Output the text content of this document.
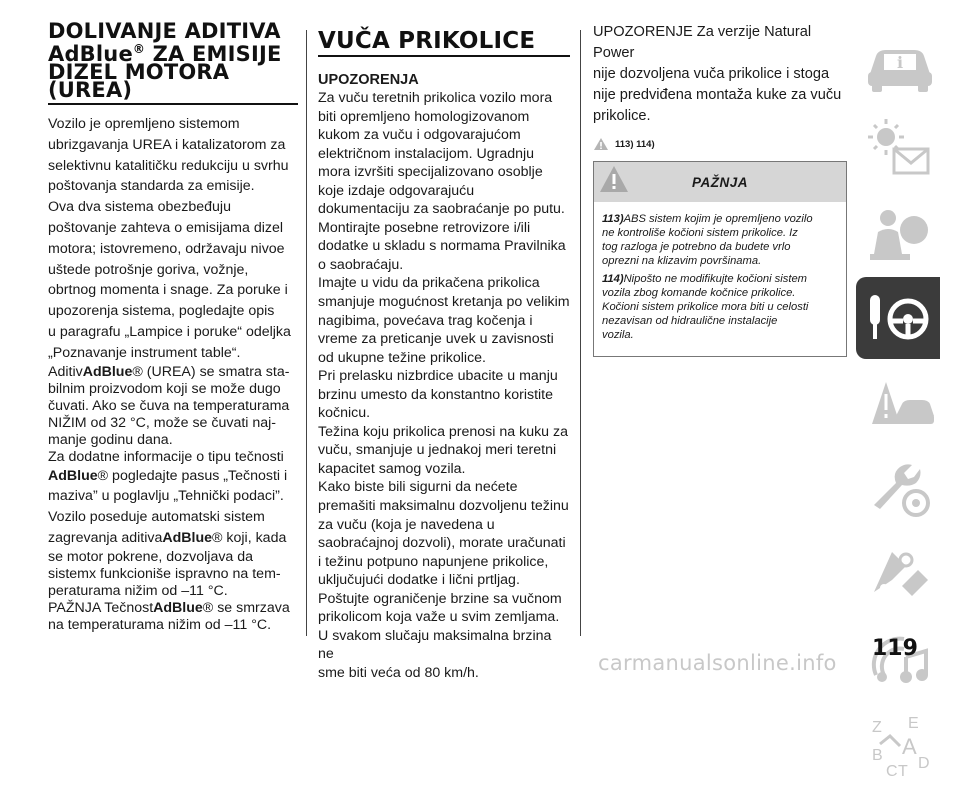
DOLIVANJE ADITIVA
AdBlue® ZA EMISIJE
DIZEL MOTORA
(UREA)

Vozilo je opremljeno sistemom

ubrizgavanja UREA i katalizatorom za

selektivnu katalitičku redukciju u svrhu

poštovanja standarda za emisije.

Ova dva sistema obezbeđuju

poštovanje zahteva o emisijama dizel

motora; istovremeno, održavaju nivoe

uštede potrošnje goriva, vožnje,

obrtnog momenta i snage. Za poruke i

upozorenja sistema, pogledajte opis

u paragrafu „Lampice i poruke“ odeljka

„Poznavanje instrument table“.

AditivAdBlue® (UREA) se smatra sta-

bilnim proizvodom koji se može dugo

čuvati. Ako se čuva na temperaturama

NIŽIM od 32 °C, može se čuvati naj-

manje godinu dana.

Za dodatne informacije o tipu tečnosti

AdBlue® pogledajte pasus „Tečnosti i

maziva” u poglavlju „Tehnički podaci”.

Vozilo poseduje automatski sistem

zagrevanja aditivaAdBlue® koji, kada

se motor pokrene, dozvoljava da

sistemx funkcioniše ispravno na tem-

peraturama nižim od –11 °C.

PAŽNJA TečnostAdBlue® se smrzava

na temperaturama nižim od –11 °C.

VUČA PRIKOLICE
UPOZORENJA

Za vuču teretnih prikolica vozilo mora

biti opremljeno homologizovanom

kukom za vuču i odgovarajućom

električnom instalacijom. Ugradnju

mora izvršiti specijalizovano osoblje

koje izdaje odgovarajuću

dokumentaciju za saobraćanje po putu.

Montirajte posebne retrovizore i/ili

dodatke u skladu s normama Pravilnika

o saobraćaju.

Imajte u vidu da prikačena prikolica

smanjuje mogućnost kretanja po velikim

nagibima, povećava trag kočenja i

vreme za preticanje uvek u zavisnosti

od ukupne težine prikolice.

Pri prelasku nizbrdice ubacite u manju

brzinu umesto da konstantno koristite

kočnicu.

Težina koju prikolica prenosi na kuku za

vuču, smanjuje u jednakoj meri teretni

kapacitet samog vozila.

Kako biste bili sigurni da nećete

premašiti maksimalnu dozvoljenu težinu

za vuču (koja je navedena u

saobraćajnoj dozvoli), morate uračunati

i težinu potpuno napunjene prikolice,

uključujući dodatke i lični prtljag.

Poštujte ograničenje brzine sa vučnom

prikolicom koja važe u svim zemljama.

U svakom slučaju maksimalna brzina ne

sme biti veća od 80 km/h.

UPOZORENJE Za verzije Natural Power

nije dozvoljena vuča prikolice i stoga

nije predviđena montaža kuke za vuču

prikolice.

113) 114)
PAŽNJA

113)ABS sistem kojim je opremljeno vozilo
ne kontroliše kočioni sistem prikolice. Iz
tog razloga je potrebno da budete vrlo
oprezni na klizavim površinama.

114)Nipošto ne modifikujte kočioni sistem
vozila zbog komande kočnice prikolice.
Kočioni sistem prikolice mora biti u celosti
nezavisan od hidraulične instalacije
vozila.

i
Z E
B A
C T D
119
carmanualsonline.info
